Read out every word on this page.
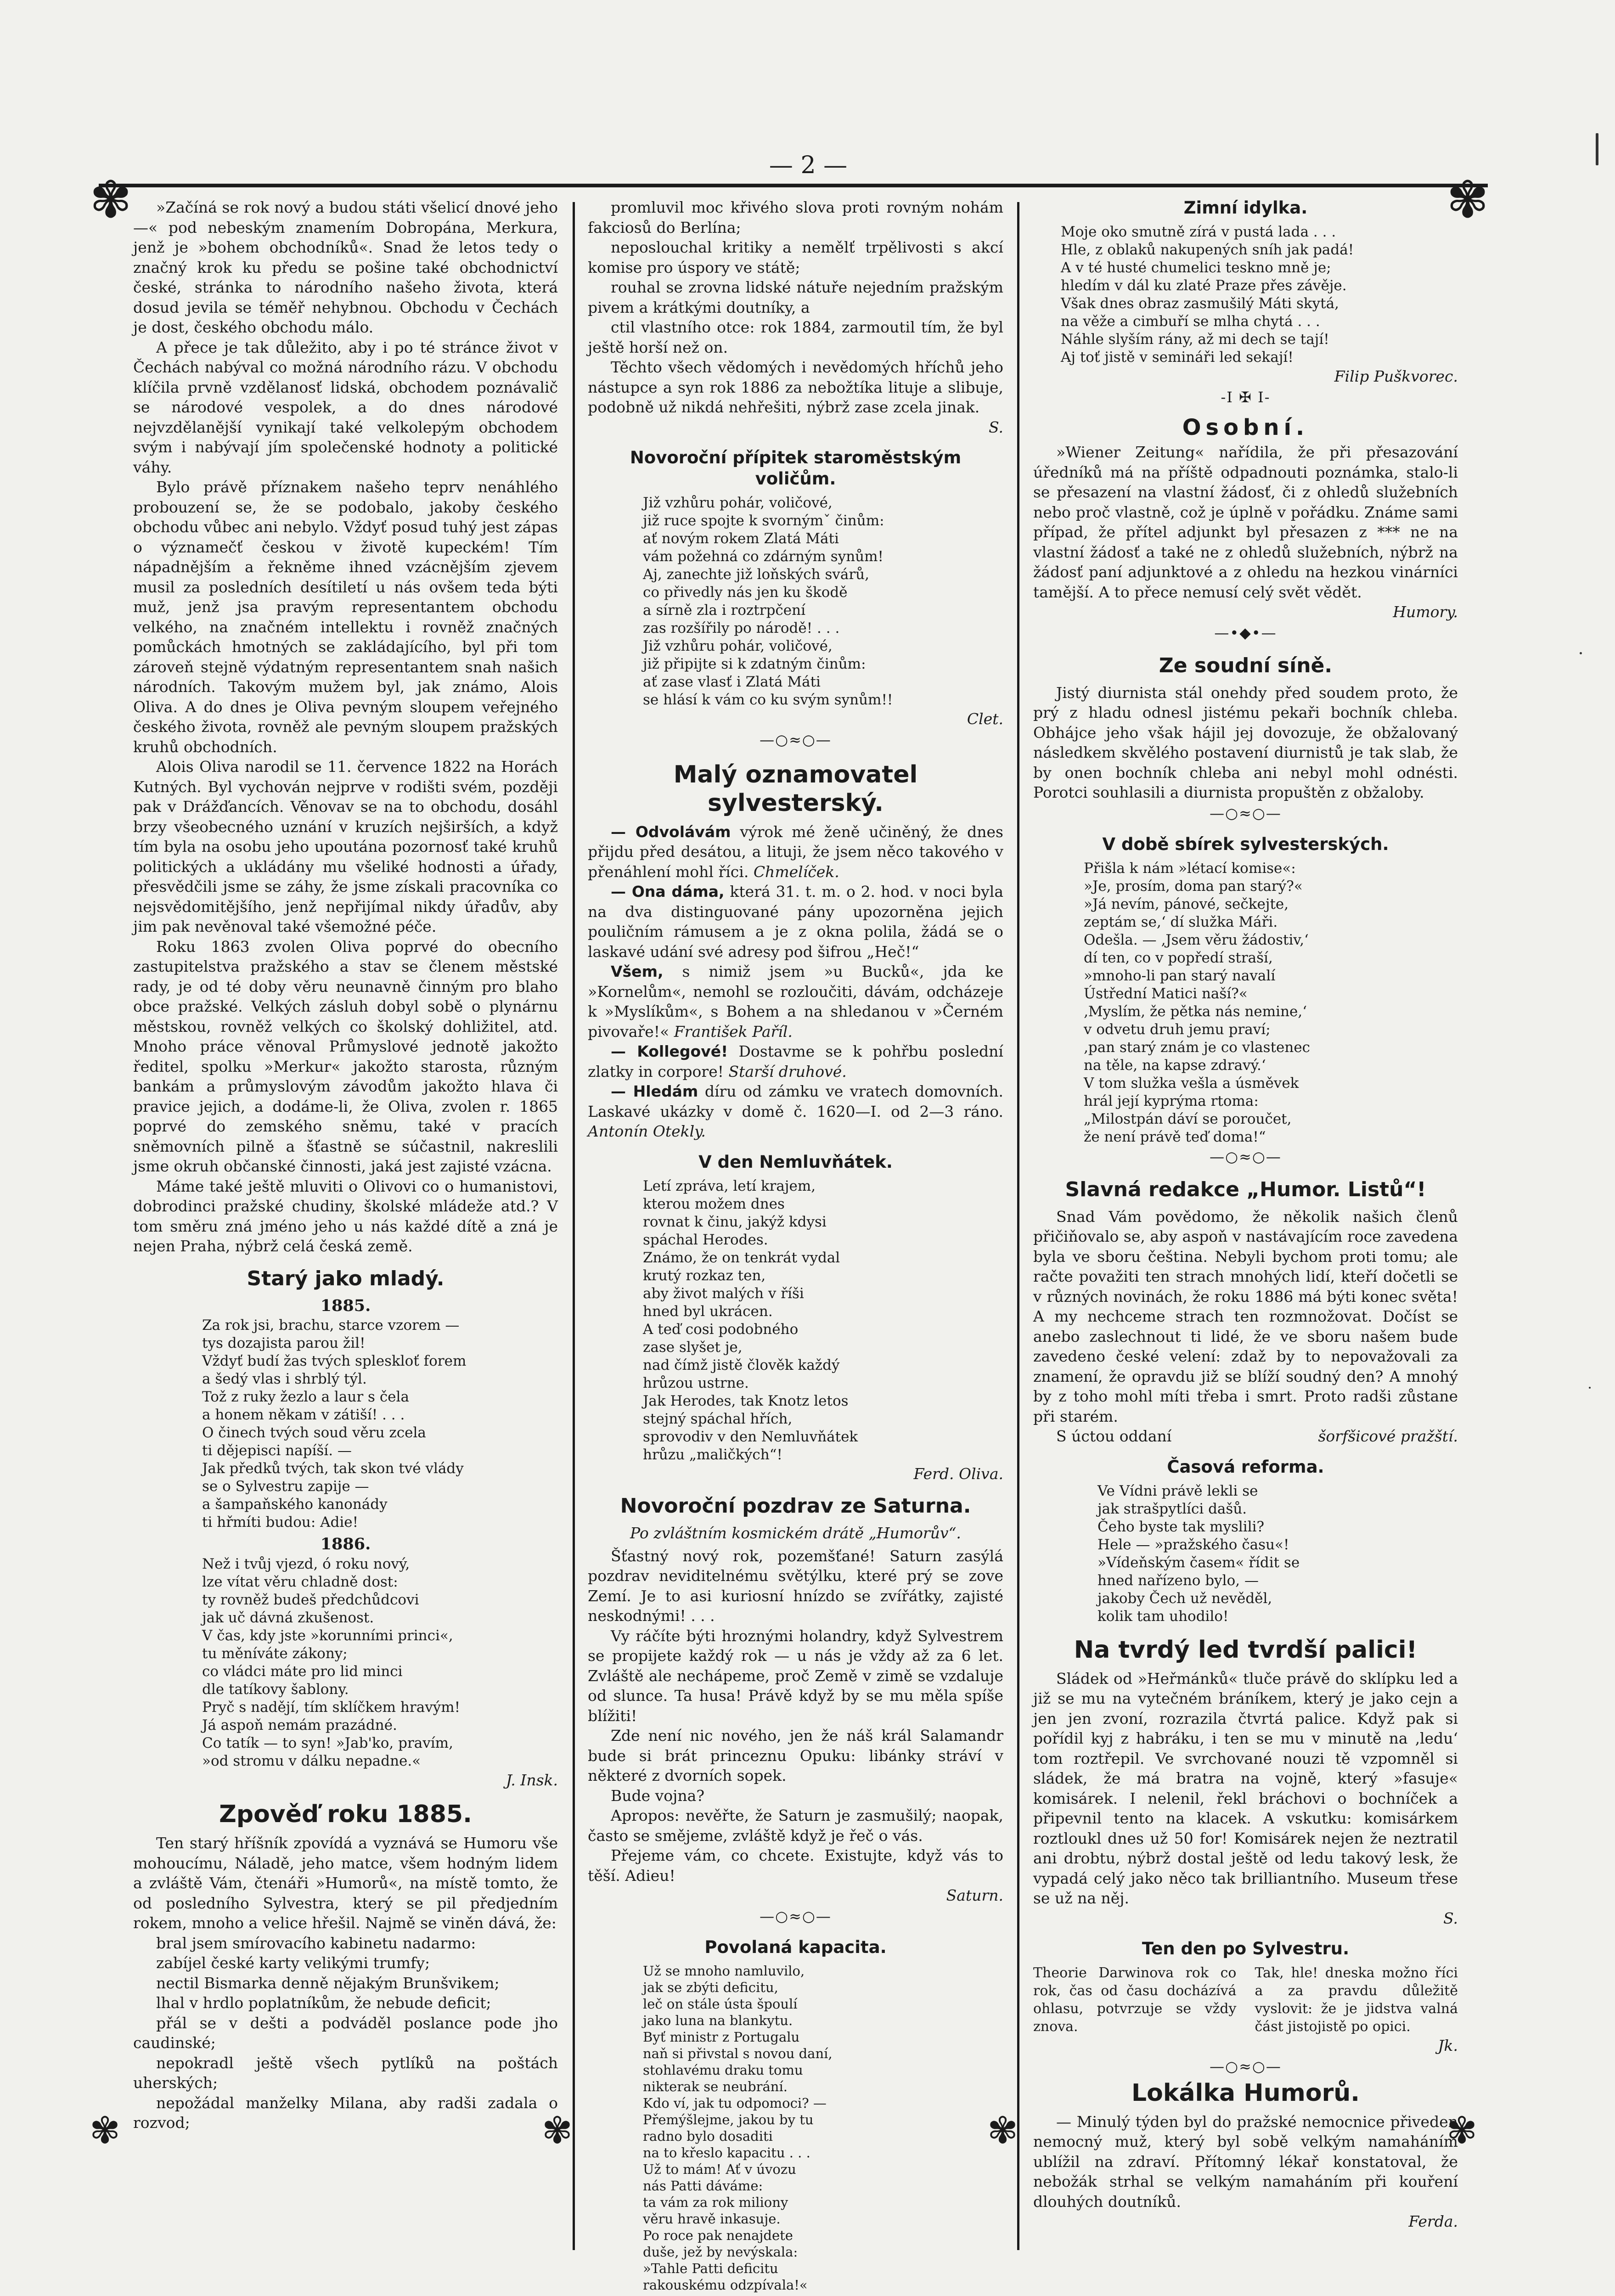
— 2 —
✾	✾
✾	✾	✾	✾

»Začíná se rok nový a budou státi všelicí dnové jeho —« pod nebeským znamením Dobropána, Merkura, jenž je »bohem obchodníků«. Snad že letos tedy o značný krok ku předu se pošine také obchodnictví české, stránka to národního našeho života, která dosud jevila se téměř nehybnou. Obchodu v Čechách je dost, českého obchodu málo.

A přece je tak důležito, aby i po té stránce život v Čechách nabýval co možná národního rázu. V obchodu klíčila prvně vzdělanosť lidská, obchodem poznávalič se národové vespolek, a do dnes národové nejvzdělanější vynikají také velkolepým obchodem svým i nabývají jím společenské hodnoty a politické váhy.

Bylo právě příznakem našeho teprv nenáhlého probouzení se, že se podobalo, jakoby českého obchodu vůbec ani nebylo. Vždyť posud tuhý jest zápas o významečť českou v životě kupeckém! Tím nápadnějším a řekněme ihned vzácnějším zjevem musil za posledních desítiletí u nás ovšem teda býti muž, jenž jsa pravým representantem obchodu velkého, na značném intellektu i rovněž značných pomůckách hmotných se zakládajícího, byl při tom zároveň stejně výdatným representantem snah našich národních. Takovým mužem byl, jak známo, Alois Oliva. A do dnes je Oliva pevným sloupem veřejného českého života, rovněž ale pevným sloupem pražských kruhů obchodních.

Alois Oliva narodil se 11. července 1822 na Horách Kutných. Byl vychován nejprve v rodišti svém, později pak v Drážďancích. Věnovav se na to obchodu, dosáhl brzy všeobecného uznání v kruzích nejširších, a když tím byla na osobu jeho upoutána pozornosť také kruhů politických a ukládány mu všeliké hodnosti a úřady, přesvědčili jsme se záhy, že jsme získali pracovníka co nejsvědomitějšího, jenž nepřijímal nikdy úřadův, aby jim pak nevěnoval také všemožné péče.

Roku 1863 zvolen Oliva poprvé do obecního zastupitelstva pražského a stav se členem městské rady, je od té doby věru neunavně činným pro blaho obce pražské. Velkých zásluh dobyl sobě o plynárnu městskou, rovněž velkých co školský dohližitel, atd. Mnoho práce věnoval Průmyslové jednotě jakožto ředitel, spolku »Merkur« jakožto starosta, různým bankám a průmyslovým závodům jakožto hlava či pravice jejich, a dodáme-li, že Oliva, zvolen r. 1865 poprvé do zemského sněmu, také v pracích sněmovních pilně a šťastně se súčastnil, nakreslili jsme okruh občanské činnosti, jaká jest zajisté vzácna.

Máme také ještě mluviti o Olivovi co o humanistovi, dobrodinci pražské chudiny, školské mládeže atd.? V tom směru zná jméno jeho u nás každé dítě a zná je nejen Praha, nýbrž celá česká země.

Starý jako mladý.
1885.
Za rok jsi, brachu, starce vzorem —
tys dozajista parou žil!
Vždyť budí žas tvých spleskloť forem
a šedý vlas i shrblý týl.
Tož z ruky žezlo a laur s čela
a honem někam v zátiší! . . .
O činech tvých soud věru zcela
ti dějepisci napíší. —
Jak předků tvých, tak skon tvé vlády
se o Sylvestru zapije —
a šampaňského kanonády
ti hřmíti budou: Adie!
1886.
Než i tvůj vjezd, ó roku nový,
lze vítat věru chladně dost:
ty rovněž budeš předchůdcovi
jak uč dávná zkušenost.
V čas, kdy jste »korunními princi«,
tu měníváte zákony;
co vládci máte pro lid minci
dle tatíkovy šablony.
Pryč s nadějí, tím sklíčkem hravým!
Já aspoň nemám prazádné.
Co tatík — to syn! »Jab'ko, pravím,
»od stromu v dálku nepadne.«
J. Insk.
Zpověď roku 1885.

Ten starý hříšník zpovídá a vyznává se Humoru vše mohoucímu, Náladě, jeho matce, všem hodným lidem a zvláště Vám, čtenáři »Humorů«, na místě tomto, že od posledního Sylvestra, který se pil předjedním rokem, mnoho a velice hřešil. Najmě se viněn dává, že:

bral jsem smírovacího kabinetu nadarmo:

zabíjel české karty velikými trumfy;

nectil Bismarka denně nějakým Brunšvikem;

lhal v hrdlo poplatníkům, že nebude deficit;

přál se v dešti a podváděl poslance pode jho caudinské;

nepokradl ještě všech pytlíků na poštách uherských;

nepožádal manželky Milana, aby radši zadala o rozvod;

promluvil moc křivého slova proti rovným nohám fakciosů do Berlína;

neposlouchal kritiky a nemělť trpělivosti s akcí komise pro úspory ve státě;

rouhal se zrovna lidské nátuře nejedním pražským pivem a krátkými doutníky, a

ctil vlastního otce: rok 1884, zarmoutil tím, že byl ještě horší než on.

Těchto všech vědomých i nevědomých hříchů jeho nástupce a syn rok 1886 za nebožtíka lituje a slibuje, podobně už nikdá nehřešiti, nýbrž zase zcela jinak.

S.
Novoroční přípitek staroměstským voličům.
Již vzhůru pohár, voličové,
již ruce spojte k svornýmˇ činům:
ať novým rokem Zlatá Máti
vám požehná co zdárným synům!
Aj, zanechte již loňských svárů,
co přivedly nás jen ku škodě
a sírně zla i roztrpčení
zas rozšířily po národě! . . .
Již vzhůru pohár, voličové,
již připijte si k zdatným činům:
ať zase vlasť i Zlatá Máti
se hlásí k vám co ku svým synům!!
Clet.
—○≈○—
Malý oznamovatel sylvesterský.

— Odvolávám výrok mé ženě učiněný, že dnes přijdu před desátou, a lituji, že jsem něco takového v přenáhlení mohl říci. Chmelíček.

— Ona dáma, která 31. t. m. o 2. hod. v noci byla na dva distinguované pány upozorněna jejich pouličním rámusem a je z okna polila, žádá se o laskavé udání své adresy pod šifrou „Heč!“

Všem, s nimiž jsem »u Bucků«, jda ke »Kornelům«, nemohl se rozloučiti, dávám, odcházeje k »Myslíkům«, s Bohem a na shledanou v »Černém pivovaře!« František Paříl.

— Kollegové! Dostavme se k pohřbu poslední zlatky in corpore! Starší druhové.

— Hledám díru od zámku ve vratech domovních. Laskavé ukázky v domě č. 1620—I. od 2—3 ráno. Antonín Otekly.

V den Nemluvňátek.
Letí zpráva, letí krajem,
kterou možem dnes
rovnat k činu, jakýž kdysi
spáchal Herodes.
Známo, že on tenkrát vydal
krutý rozkaz ten,
aby život malých v říši
hned byl ukrácen.
A teď cosi podobného
zase slyšet je,
nad čímž jistě člověk každý
hrůzou ustrne.
Jak Herodes, tak Knotz letos
stejný spáchal hřích,
sprovodiv v den Nemluvňátek
hrůzu „maličkých“!
Ferd. Oliva.
Novoroční pozdrav ze Saturna.
Po zvláštním kosmickém drátě „Humorův“.

Šťastný nový rok, pozemšťané! Saturn zasýlá pozdrav neviditelnému světýlku, které prý se zove Zemí. Je to asi kuriosní hnízdo se zvířátky, zajisté neskodnými! . . .

Vy ráčíte býti hroznými holandry, když Sylvestrem se propijete každý rok — u nás je vždy až za 6 let. Zvláště ale nechápeme, proč Země v zimě se vzdaluje od slunce. Ta husa! Právě když by se mu měla spíše blížiti!

Zde není nic nového, jen že náš král Salamandr bude si brát princeznu Opuku: libánky stráví v některé z dvorních sopek.

Bude vojna?

Apropos: nevěřte, že Saturn je zasmušilý; naopak, často se smějeme, zvláště když je řeč o vás.

Přejeme vám, co chcete. Existujte, když vás to těší. Adieu!

Saturn.
—○≈○—
Povolaná kapacita.
Už se mnoho namluvilo,
jak se zbýti deficitu,
leč on stále ústa špoulí
jako luna na blankytu.
Byť ministr z Portugalu
naň si přivstal s novou daní,
stohlavému draku tomu
nikterak se neubrání.
Kdo ví, jak tu odpomoci? —
Přemýšlejme, jakou by tu
radno bylo dosaditi
na to křeslo kapacitu . . .
Už to mám! Ať v úvozu
nás Patti dáváme:
ta vám za rok miliony
věru hravě inkasuje.
Po roce pak nenajdete
duše, jež by nevýskala:
»Tahle Patti deficitu
rakouskému odzpívala!«
Zimní idylka.
Moje oko smutně zírá v pustá lada . . .
Hle, z oblaků nakupených sníh jak padá!
A v té husté chumelici teskno mně je;
hledím v dál ku zlaté Praze přes závěje.
Však dnes obraz zasmušilý Máti skytá,
na věže a cimbuří se mlha chytá . . .
Náhle slyším rány, až mi dech se tají!
Aj toť jistě v semináři led sekají!
Filip Puškvorec.
-I ✠ I-
Osobní.

»Wiener Zeitung« nařídila, že při přesazování úředníků má na příště odpadnouti poznámka, stalo-li se přesazení na vlastní žádosť, či z ohledů služebních nebo proč vlastně, což je úplně v pořádku. Známe sami případ, že přítel adjunkt byl přesazen z *** ne na vlastní žádosť a také ne z ohledů služebních, nýbrž na žádosť paní adjunktové a z ohledu na hezkou vinárníci tamější. A to přece nemusí celý svět vědět.

Humory.
—•◆•—
Ze soudní síně.

Jistý diurnista stál onehdy před soudem proto, že prý z hladu odnesl jistému pekaři bochník chleba. Obhájce jeho však hájil jej dovozuje, že obžalovaný následkem skvělého postavení diurnistů je tak slab, že by onen bochník chleba ani nebyl mohl odnésti. Porotci souhlasili a diurnista propuštěn z obžaloby.

—○≈○—
V době sbírek sylvesterských.
Přišla k nám »létací komise«:
»Je, prosím, doma pan starý?«
»Já nevím, pánové, sečkejte,
zeptám se,‘ dí služka Máři.
Odešla. — ‚Jsem věru žádostiv,‘
dí ten, co v popředí straší,
»mnoho-li pan starý navalí
Ústřední Matici naší?«
‚Myslím, že pětka nás nemine,‘
v odvetu druh jemu praví;
‚pan starý znám je co vlastenec
na těle, na kapse zdravý.‘
V tom služka vešla a úsměvek
hrál její kyprýma rtoma:
„Milostpán dáví se poroučet,
že není právě teď doma!“
—○≈○—
Slavná redakce „Humor. Listů“!

Snad Vám povědomo, že několik našich členů přičiňovalo se, aby aspoň v nastávajícím roce zavedena byla ve sboru čeština. Nebyli bychom proti tomu; ale račte považiti ten strach mnohých lidí, kteří dočetli se v různých novinách, že roku 1886 má býti konec světa! A my nechceme strach ten rozmnožovat. Dočíst se anebo zaslechnout ti lidé, že ve sboru našem bude zavedeno české velení: zdaž by to nepovažovali za znamení, že opravdu již se blíží soudný den? A mnohý by z toho mohl míti třeba i smrt. Proto radši zůstane při starém.

S úctou oddaní	šorfšicové pražští.

Časová reforma.
Ve Vídni právě lekli se
jak strašpytlíci dašů.
Čeho byste tak myslili?
Hele — »pražského času«!
»Vídeňským časem« řídit se
hned nařízeno bylo, —
jakoby Čech už nevěděl,
kolik tam uhodilo!
Na tvrdý led tvrdší palici!

Sládek od »Heřmánků« tluče právě do sklípku led a již se mu na vytečném bráníkem, který je jako cejn a jen jen zvoní, rozrazila čtvrtá palice. Když pak si pořídil kyj z habráku, i ten se mu v minutě na ‚ledu‘ tom roztřepil. Ve svrchované nouzi tě vzpomněl si sládek, že má bratra na vojně, který »fasuje« komisárek. I nelenil, řekl bráchovi o bochníček a připevnil tento na klacek. A vskutku: komisárkem roztloukl dnes už 50 for! Komisárek nejen že neztratil ani drobtu, nýbrž dostal ještě od ledu takový lesk, že vypadá celý jako něco tak brilliantního. Museum třese se už na něj.

S.
Ten den po Sylvestru.
Theorie Darwinova rok co rok, čas od času docházívá ohlasu, potvrzuje se vždy znova.
Tak, hle! dneska možno říci a za pravdu důležitě vyslovit: že je jidstva valná část jistojistě po opici.
Jk.
—○≈○—
Lokálka Humorů.

— Minulý týden byl do pražské nemocnice přiveden nemocný muž, který byl sobě velkým namaháním ublížil na zdraví. Přítomný lékař konstatoval, že nebožák strhal se velkým namaháním při kouření dlouhých doutníků.

Ferda.
